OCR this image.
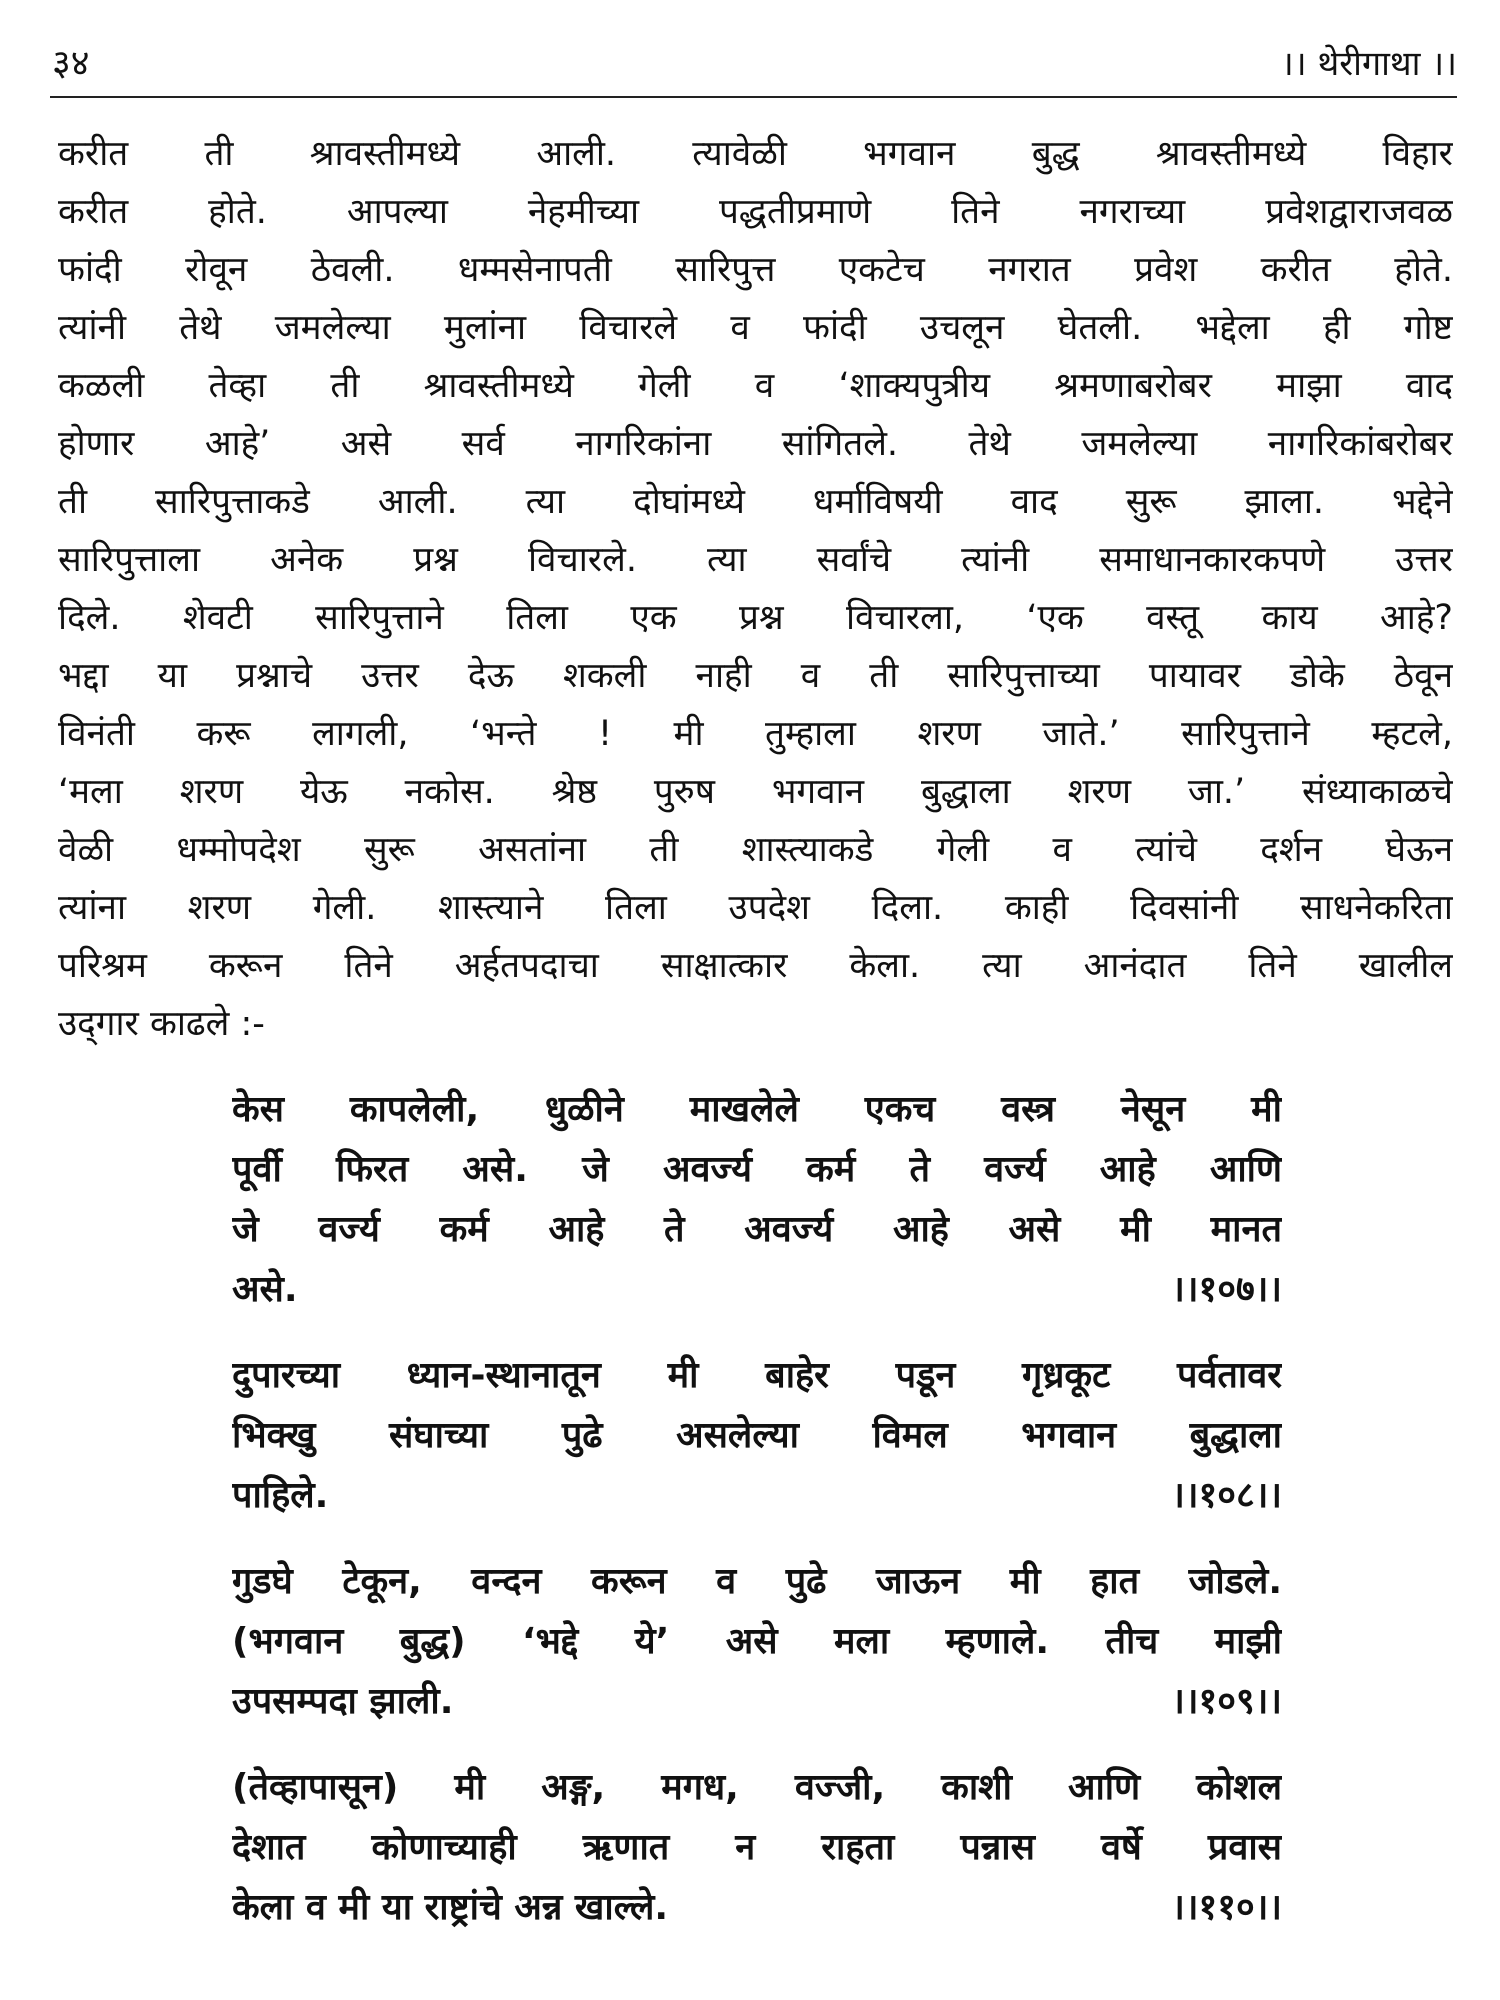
३४	।। थेरीगाथा ।।
करीत ती श्रावस्तीमध्ये आली. त्यावेळी भगवान बुद्ध श्रावस्तीमध्ये विहार
करीत होते. आपल्या नेहमीच्या पद्धतीप्रमाणे तिने नगराच्या प्रवेशद्वाराजवळ
फांदी रोवून ठेवली. धम्मसेनापती सारिपुत्त एकटेच नगरात प्रवेश करीत होते.
त्यांनी तेथे जमलेल्या मुलांना विचारले व फांदी उचलून घेतली. भद्देला ही गोष्ट
कळली तेव्हा ती श्रावस्तीमध्ये गेली व ‘शाक्यपुत्रीय श्रमणाबरोबर माझा वाद
होणार आहे’ असे सर्व नागरिकांना सांगितले. तेथे जमलेल्या नागरिकांबरोबर
ती सारिपुत्ताकडे आली. त्या दोघांमध्ये धर्माविषयी वाद सुरू झाला. भद्देने
सारिपुत्ताला अनेक प्रश्न विचारले. त्या सर्वांचे त्यांनी समाधानकारकपणे उत्तर
दिले. शेवटी सारिपुत्ताने तिला एक प्रश्न विचारला, ‘एक वस्तू काय आहे?
भद्दा या प्रश्नाचे उत्तर देऊ शकली नाही व ती सारिपुत्ताच्या पायावर डोके ठेवून
विनंती करू लागली, ‘भन्ते ! मी तुम्हाला शरण जाते.’ सारिपुत्ताने म्हटले,
‘मला शरण येऊ नकोस. श्रेष्ठ पुरुष भगवान बुद्धाला शरण जा.’ संध्याकाळचे
वेळी धम्मोपदेश सुरू असतांना ती शास्त्याकडे गेली व त्यांचे दर्शन घेऊन
त्यांना शरण गेली. शास्त्याने तिला उपदेश दिला. काही दिवसांनी साधनेकरिता
परिश्रम करून तिने अर्हतपदाचा साक्षात्कार केला. त्या आनंदात तिने खालील
उद्‍गार काढले :-
केस कापलेली, धुळीने माखलेले एकच वस्त्र नेसून मी
पूर्वी फिरत असे. जे अवर्ज्य कर्म ते वर्ज्य आहे आणि
जे वर्ज्य कर्म आहे ते अवर्ज्य आहे असे मी मानत
असे.	।।१०७।।
दुपारच्या ध्यान-स्थानातून मी बाहेर पडून गृध्रकूट पर्वतावर
भिक्खु संघाच्या पुढे असलेल्या विमल भगवान बुद्धाला
पाहिले.	।।१०८।।
गुडघे टेकून, वन्दन करून व पुढे जाऊन मी हात जोडले.
(भगवान बुद्ध) ‘भद्दे ये’ असे मला म्हणाले. तीच माझी
उपसम्पदा झाली.	।।१०९।।
(तेव्हापासून) मी अङ्ग, मगध, वज्जी, काशी आणि कोशल
देशात कोणाच्याही ऋणात न राहता पन्नास वर्षे प्रवास
केला व मी या राष्ट्रांचे अन्न खाल्ले.	।।११०।।
